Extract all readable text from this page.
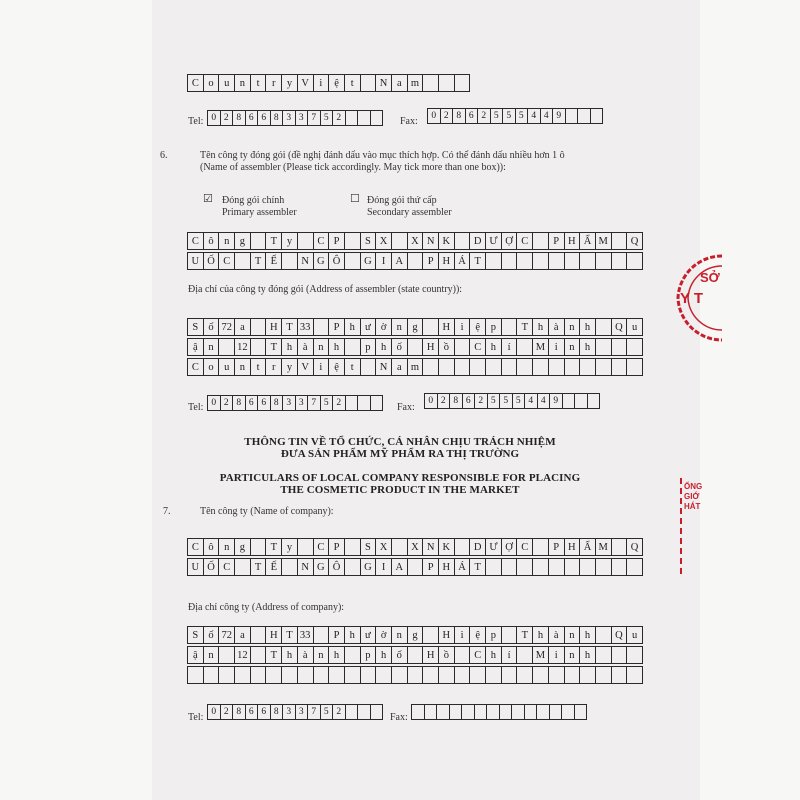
C o u n	t	r	y V i	ệ	t	N a m
Tel: 0 2 8 6 6 8 3 3 7 5 2	Fax:	0 2 8 6 2 5 5 5 4 4 9
6.	Tên công ty đóng gói (đề nghị đánh dấu vào mục thích hợp. Có thể đánh dấu nhiều hơn 1 ô
(Name of assembler (Please tick accordingly. May tick more than one box)):
☑ Đóng gói chính
Primary assembler
☐ Đóng gói thứ cấp
Secondary assembler
C ô n g	T y	C P	S X	X N K	D Ư Ợ C	P H Ẩ M	Q
U Ố C	T Ế	N G Ô	G I A	P H Á T
Địa chỉ của công ty đóng gói (Address of assembler (state country)):
S ố 72 a	H T 33	P h ư ờ n g	H i	ệ	p	T h	à	n h	Q u
ậ	n	12	T h	à	n h	p h ố	H ồ	C h	í	M i	n h
C o u n	t	r	y V i	ệ	t	N a m
Tel: 0 2 8 6 6 8 3 3 7 5 2	Fax:
0 2 8 6 2 5 5 5 4 4 9
THÔNG TIN VỀ TỔ CHỨC, CÁ NHÂN CHỊU TRÁCH NHIỆM
ĐƯA SẢN PHẨM MỸ PHẨM RA THỊ TRƯỜNG
PARTICULARS OF LOCAL COMPANY RESPONSIBLE FOR PLACING
THE COSMETIC PRODUCT IN THE MARKET
7.	Tên công ty (Name of company):
C ô n g	T y	C P	S X	X N K	D Ư Ợ C	P H Ẩ M	Q
U Ố C	T Ế	N G Ô	G I A	P H Á T
Địa chỉ công ty (Address of company):
S ố 72 a	H T 33	P h ư ờ n g	H i	ệ	p	T h	à	n h	Q u
ậ	n	12	T h	à	n h	p h ố	H ồ	C h	í	M i	n h
Tel: 0 2 8 6 6 8 3 3 7 5 2	Fax:
SỞ
Y T
ỐNG GIỚ HÁT
